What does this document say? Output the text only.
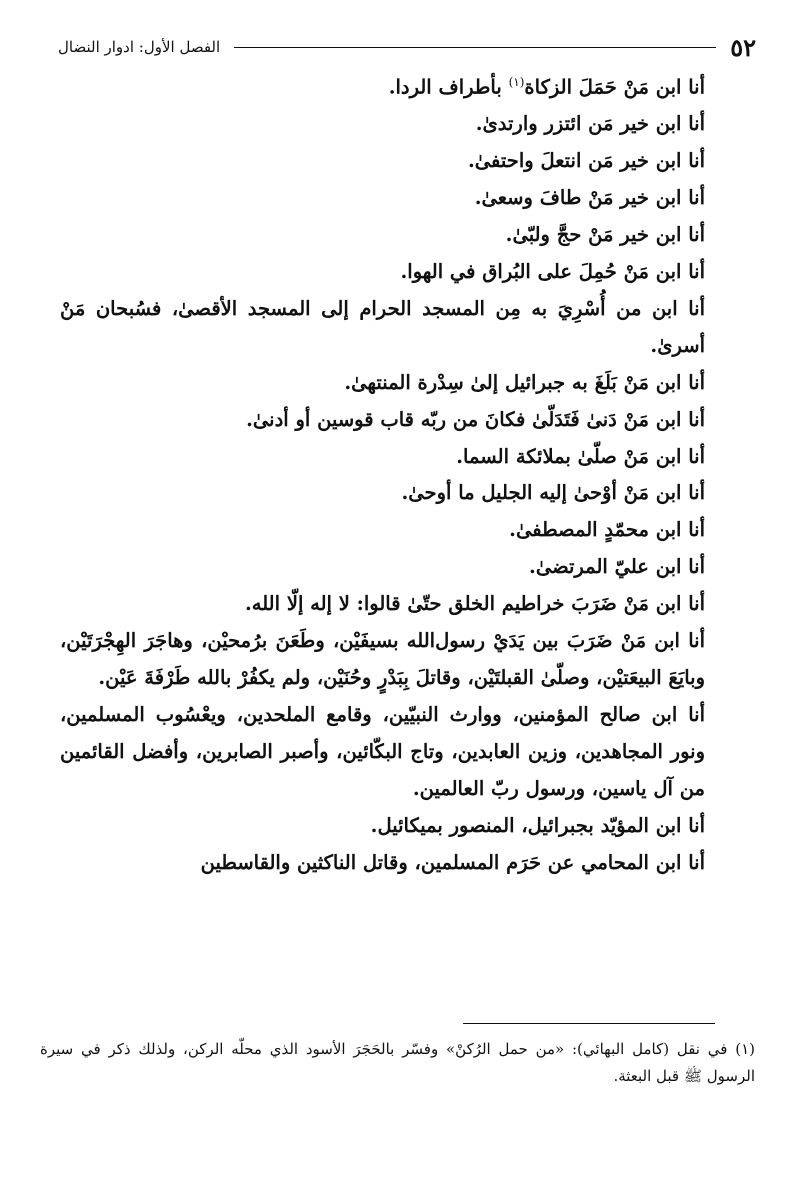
٥٢
الفصل الأول: ادوار النضال

أنا ابن مَنْ حَمَلَ الزكاة$^{(١)}$ بأطراف الردا.

أنا ابن خير مَن ائتزر وارتدىٰ.

أنا ابن خير مَن انتعلَ واحتفىٰ.

أنا ابن خير مَنْ طافَ وسعىٰ.

أنا ابن خير مَنْ حجَّ ولبّىٰ.

أنا ابن مَنْ حُمِلَ على البُراق في الهوا.

أنا ابن من أُسْرِيَ به مِن المسجد الحرام إلى المسجد الأقصىٰ، فسُبحان مَنْ أسرىٰ.

أنا ابن مَنْ بَلَغَ به جبرائيل إلىٰ سِدْرة المنتهىٰ.

أنا ابن مَنْ دَنىٰ فَتَدَلّىٰ فكانَ من ربّه قاب قوسين أو أدنىٰ.

أنا ابن مَنْ صلّىٰ بملائكة السما.

أنا ابن مَنْ أوْحىٰ إليه الجليل ما أوحىٰ.

أنا ابن محمّدٍ المصطفىٰ.

أنا ابن عليّ المرتضىٰ.

أنا ابن مَنْ ضَرَبَ خراطيم الخلق حتّىٰ قالوا: لا إله إلّا الله.

أنا ابن مَنْ ضَرَبَ بين يَدَيْ رسول‌الله بسيفَيْن، وطَعَنَ برُمحيْن، وهاجَرَ الهِجْرَتَيْن، وبايَعَ البيعَتيْن، وصلّىٰ القبلتَيْن، وقاتلَ بِبَدْرٍ وحُنَيْن، ولم يكفُرْ بالله طَرْفَةَ عَيْن.

أنا ابن صالح المؤمنين، ووارث النبيّين، وقامع الملحدين، ويعْسُوب المسلمين، ونور المجاهدين، وزين العابدين، وتاج البكّائين، وأصبر الصابرين، وأفضل القائمين من آل ياسين، ورسول ربّ العالمين.

أنا ابن المؤيّد بجبرائيل، المنصور بميكائيل.

أنا ابن المحامي عن حَرَم المسلمين، وقاتل الناكثين والقاسطين

(١) في نقل (كامل البهائي): «من حمل الرُكنْ» وفسّر بالحَجَرَ الأسود الذي محلّه الركن، ولذلك ذكر في سيرة الرسول ﷺ قبل البعثة.
